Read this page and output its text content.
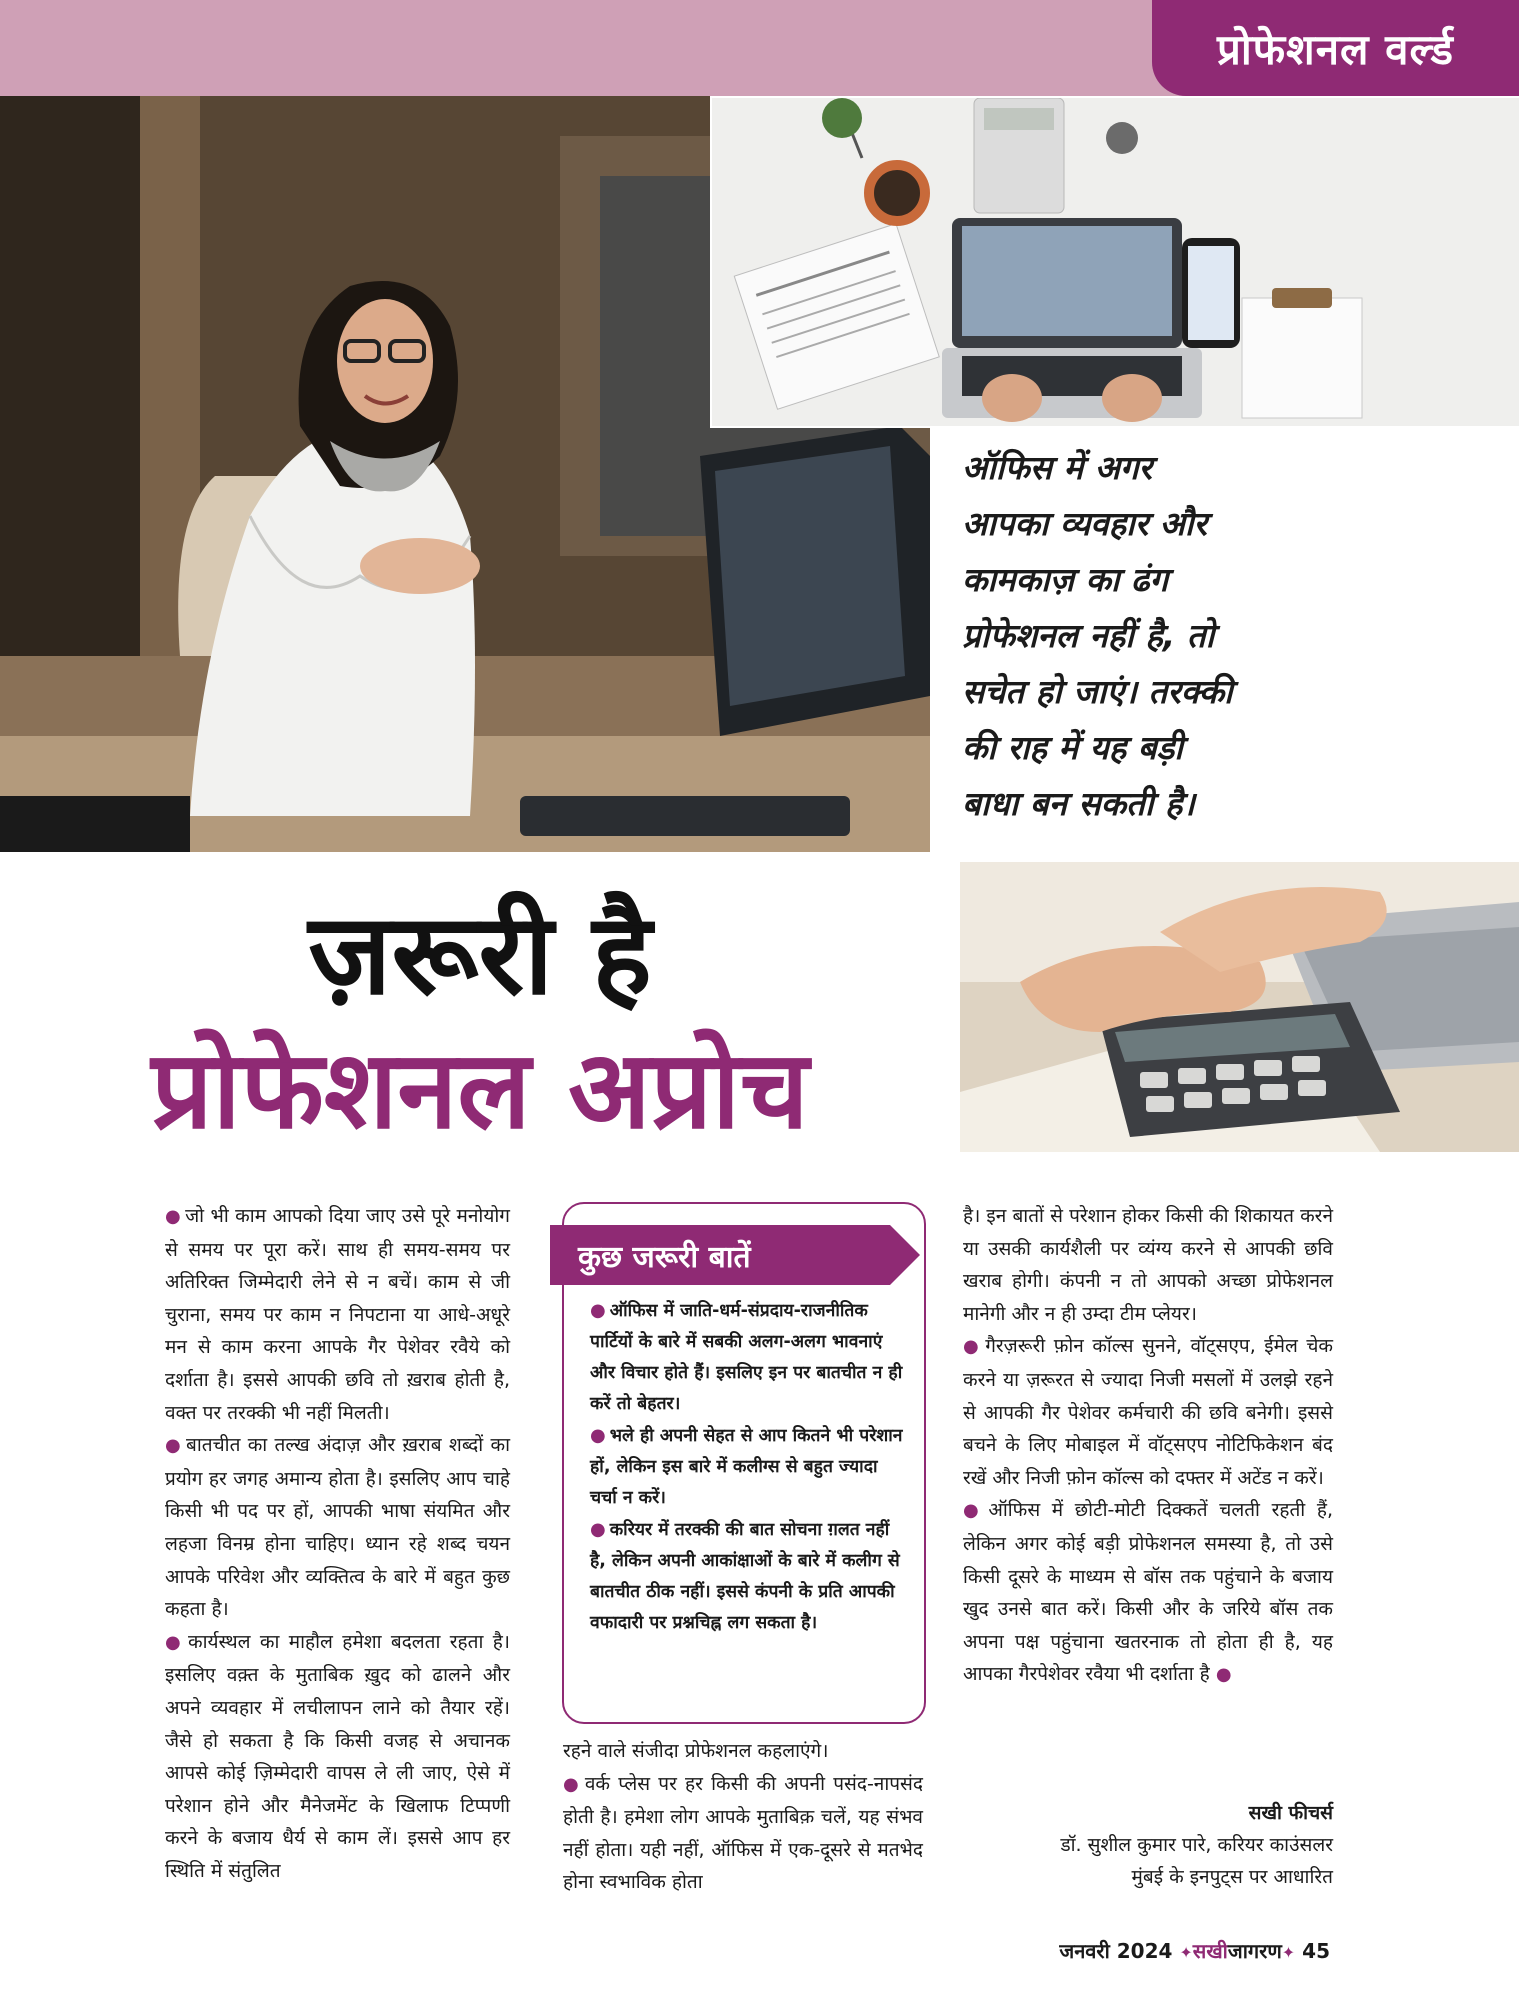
प्रोफेशनल वर्ल्ड
ऑफिस में अगर
आपका व्यवहार और
कामकाज़ का ढंग
प्रोफेशनल नहीं है, तो
सचेत हो जाएं। तरक्की
की राह में यह बड़ी
बाधा बन सकती है।
ज़रूरी है
प्रोफेशनल अप्रोच
● जो भी काम आपको दिया जाए उसे पूरे मनोयोग से समय पर पूरा करें। साथ ही समय-समय पर अतिरिक्त जिम्मेदारी लेने से न बचें। काम से जी चुराना, समय पर काम न निपटाना या आधे-अधूरे मन से काम करना आपके गैर पेशेवर रवैये को दर्शाता है। इससे आपकी छवि तो ख़राब होती है, वक्त पर तरक्की भी नहीं मिलती।
● बातचीत का तल्ख अंदाज़ और ख़राब शब्दों का प्रयोग हर जगह अमान्य होता है। इसलिए आप चाहे किसी भी पद पर हों, आपकी भाषा संयमित और लहजा विनम्र होना चाहिए। ध्यान रहे शब्द चयन आपके परिवेश और व्यक्तित्व के बारे में बहुत कुछ कहता है।
● कार्यस्थल का माहौल हमेशा बदलता रहता है। इसलिए वक़्त के मुताबिक ख़ुद को ढालने और अपने व्यवहार में लचीलापन लाने को तैयार रहें। जैसे हो सकता है कि किसी वजह से अचानक आपसे कोई ज़िम्मेदारी वापस ले ली जाए, ऐसे में परेशान होने और मैनेजमेंट के खिलाफ टिप्पणी करने के बजाय धैर्य से काम लें। इससे आप हर स्थिति में संतुलित
कुछ जरूरी बातें
● ऑफिस में जाति-धर्म-संप्रदाय-राजनीतिक पार्टियों के बारे में सबकी अलग-अलग भावनाएं और विचार होते हैं। इसलिए इन पर बातचीत न ही करें तो बेहतर।
● भले ही अपनी सेहत से आप कितने भी परेशान हों, लेकिन इस बारे में कलीग्स से बहुत ज्यादा चर्चा न करें।
● करियर में तरक्की की बात सोचना ग़लत नहीं है, लेकिन अपनी आकांक्षाओं के बारे में कलीग से बातचीत ठीक नहीं। इससे कंपनी के प्रति आपकी वफादारी पर प्रश्नचिह्न लग सकता है।
रहने वाले संजीदा प्रोफेशनल कहलाएंगे।
● वर्क प्लेस पर हर किसी की अपनी पसंद-नापसंद होती है। हमेशा लोग आपके मुताबिक़ चलें, यह संभव नहीं होता। यही नहीं, ऑफिस में एक-दूसरे से मतभेद होना स्वभाविक होता
है। इन बातों से परेशान होकर किसी की शिकायत करने या उसकी कार्यशैली पर व्यंग्य करने से आपकी छवि खराब होगी। कंपनी न तो आपको अच्छा प्रोफेशनल मानेगी और न ही उम्दा टीम प्लेयर।
● गैरज़रूरी फ़ोन कॉल्स सुनने, वॉट्सएप, ईमेल चेक करने या ज़रूरत से ज्यादा निजी मसलों में उलझे रहने से आपकी गैर पेशेवर कर्मचारी की छवि बनेगी। इससे बचने के लिए मोबाइल में वॉट्सएप नोटिफिकेशन बंद रखें और निजी फ़ोन कॉल्स को दफ्तर में अटेंड न करें।
● ऑफिस में छोटी-मोटी दिक्कतें चलती रहती हैं, लेकिन अगर कोई बड़ी प्रोफेशनल समस्या है, तो उसे किसी दूसरे के माध्यम से बॉस तक पहुंचाने के बजाय खुद उनसे बात करें। किसी और के जरिये बॉस तक अपना पक्ष पहुंचाना खतरनाक तो होता ही है, यह आपका गैरपेशेवर रवैया भी दर्शाता है ●
सखी फीचर्स
डॉ. सुशील कुमार पारे, करियर काउंसलर
मुंबई के इनपुट्स पर आधारित
जनवरी 2024 ✦सखीजागरण✦ 45
